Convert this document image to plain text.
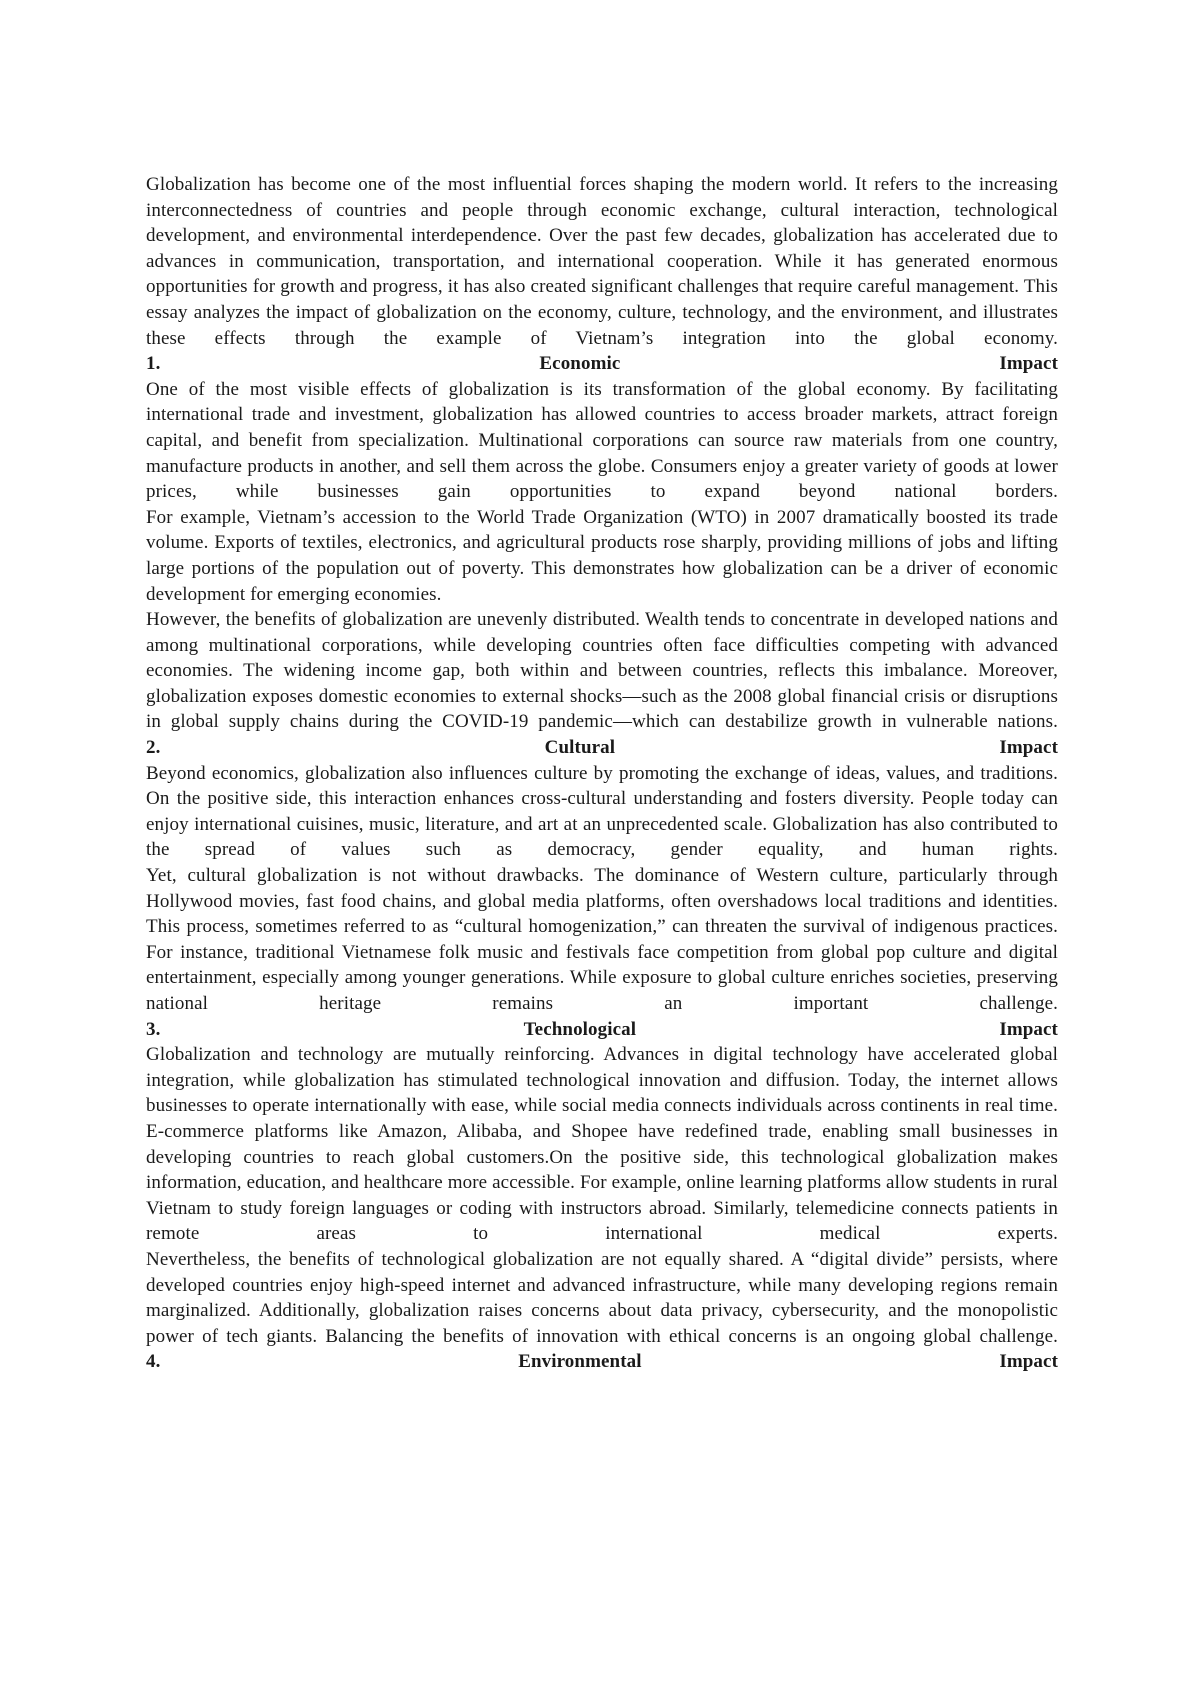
Globalization has become one of the most influential forces shaping the modern world. It refers to the increasing interconnectedness of countries and people through economic exchange, cultural interaction, technological development, and environmental interdependence. Over the past few decades, globalization has accelerated due to advances in communication, transportation, and international cooperation. While it has generated enormous opportunities for growth and progress, it has also created significant challenges that require careful management. This essay analyzes the impact of globalization on the economy, culture, technology, and the environment, and illustrates these effects through the example of Vietnam’s integration into the global economy.

1.	Economic	Impact

One of the most visible effects of globalization is its transformation of the global economy. By facilitating international trade and investment, globalization has allowed countries to access broader markets, attract foreign capital, and benefit from specialization. Multinational corporations can source raw materials from one country, manufacture products in another, and sell them across the globe. Consumers enjoy a greater variety of goods at lower prices, while businesses gain opportunities to expand beyond national borders.

For example, Vietnam’s accession to the World Trade Organization (WTO) in 2007 dramatically boosted its trade volume. Exports of textiles, electronics, and agricultural products rose sharply, providing millions of jobs and lifting large portions of the population out of poverty. This demonstrates how globalization can be a driver of economic development for emerging economies.

However, the benefits of globalization are unevenly distributed. Wealth tends to concentrate in developed nations and among multinational corporations, while developing countries often face difficulties competing with advanced economies. The widening income gap, both within and between countries, reflects this imbalance. Moreover, globalization exposes domestic economies to external shocks—such as the 2008 global financial crisis or disruptions in global supply chains during the COVID-19 pandemic—which can destabilize growth in vulnerable nations.

2.	Cultural	Impact

Beyond economics, globalization also influences culture by promoting the exchange of ideas, values, and traditions. On the positive side, this interaction enhances cross-cultural understanding and fosters diversity. People today can enjoy international cuisines, music, literature, and art at an unprecedented scale. Globalization has also contributed to the spread of values such as democracy, gender equality, and human rights.

Yet, cultural globalization is not without drawbacks. The dominance of Western culture, particularly through Hollywood movies, fast food chains, and global media platforms, often overshadows local traditions and identities. This process, sometimes referred to as “cultural homogenization,” can threaten the survival of indigenous practices. For instance, traditional Vietnamese folk music and festivals face competition from global pop culture and digital entertainment, especially among younger generations. While exposure to global culture enriches societies, preserving national heritage remains an important challenge.

3.	Technological	Impact

Globalization and technology are mutually reinforcing. Advances in digital technology have accelerated global integration, while globalization has stimulated technological innovation and diffusion. Today, the internet allows businesses to operate internationally with ease, while social media connects individuals across continents in real time. E-commerce platforms like Amazon, Alibaba, and Shopee have redefined trade, enabling small businesses in developing countries to reach global customers.On the positive side, this technological globalization makes information, education, and healthcare more accessible. For example, online learning platforms allow students in rural Vietnam to study foreign languages or coding with instructors abroad. Similarly, telemedicine connects patients in remote areas to international medical experts.

Nevertheless, the benefits of technological globalization are not equally shared. A “digital divide” persists, where developed countries enjoy high-speed internet and advanced infrastructure, while many developing regions remain marginalized. Additionally, globalization raises concerns about data privacy, cybersecurity, and the monopolistic power of tech giants. Balancing the benefits of innovation with ethical concerns is an ongoing global challenge.

4.	Environmental	Impact
